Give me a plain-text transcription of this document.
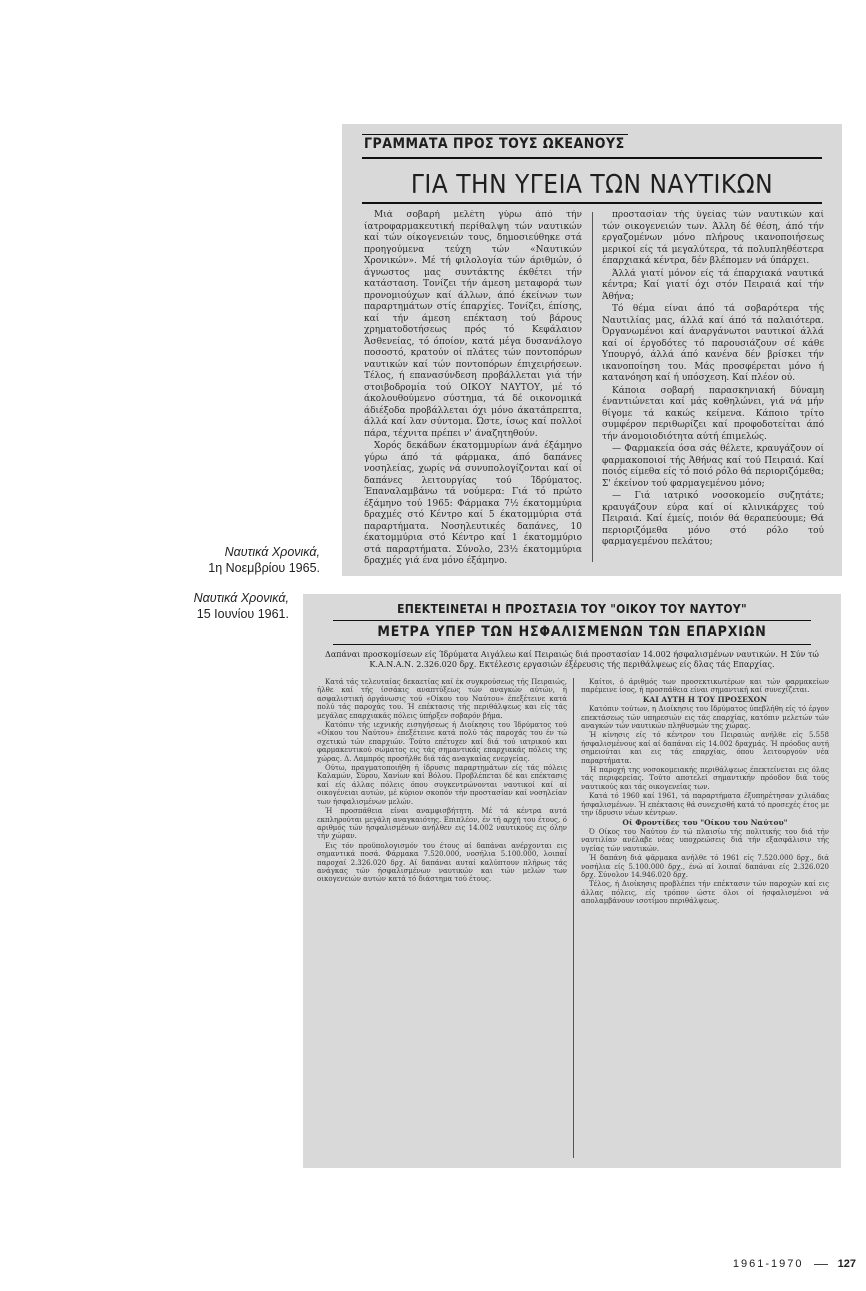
ΓΡΑΜΜΑΤΑ ΠΡΟΣ ΤΟΥΣ ΩΚΕΑΝΟΥΣ
ΓΙΑ ΤΗΝ ΥΓΕΙΑ ΤΩΝ ΝΑΥΤΙΚΩΝ

Μιά σοβαρή μελέτη γύρω άπό τήν ίατροφαρμακευτική περίθαλψη τών ναυτικών καί τών οίκογενειών τους, δημοσιεύθηκε στά προηγούμενα τεύχη τών «Ναυτικών Χρονικών». Μέ τή φιλολογία τών άριθμών, ό άγνωστος μας συντάκτης έκθέτει τήν κατάσταση. Τονίζει τήν άμεση μεταφορά των προνομιούχων καί άλλων, άπό έκείνων των παραρτημάτων στίς έπαρχίες. Τονίζει, έπίσης, καί τήν άμεση επέκταση τού βάρους χρηματοδοτήσεως πρός τό Κεφάλαιον Άσθενείας, τό όποίον, κατά μέγα δυσανάλογο ποσοστό, κρατούν οί πλάτες τών ποντοπόρων ναυτικών καί τών ποντοπόρων έπιχειρήσεων. Τέλος, ή επανασύνδεση προβάλλεται γιά τήν στοιβοδρομία τού ΟΙΚΟΥ ΝΑΥΤΟΥ, μέ τό άκολουθούμενο σύστημα, τά δέ οικονομικά άδιέξοδα προβάλλεται όχι μόνο άκατάπρεπτα, άλλά καί λαν σύντομα. Ώστε, ίσως καί πολλοί πάρα, τέχνιτα πρέπει ν' άναζητηθούν.

Χορός δεκάδων έκατομμυρίων άνά έξάμηνο γύρω άπό τά φάρμακα, άπό δαπάνες νοσηλείας, χωρίς νά συνυπολογίζονται καί οί δαπάνες λειτουργίας τού Ίδρύματος. Έπαναλαμβάνω τά νούμερα: Γιά τό πρώτο έξάμηνο τού 1965: Φάρμακα 7½ έκατομμύρια δραχμές στό Κέντρο καί 5 έκατομμύρια στά παραρτήματα. Νοσηλευτικές δαπάνες, 10 έκατομμύρια στό Κέντρο καί 1 έκατομμύριο στά παραρτήματα. Σύνολο, 23½ έκατομμύρια δραχμές γιά ένα μόνο έξάμηνο.

προστασίαν τής ύγείας τών ναυτικών καί τών οικογενειών των. Άλλη δέ θέση, άπό τήν εργαζομένων μόνο πλήρους ικανοποιήσεως μερικοί είς τά μεγαλύτερα, τά πολυπληθέστερα έπαρχιακά κέντρα, δέν βλέπομεν νά ύπάρχει.

Άλλά γιατί μόνον είς τά έπαρχιακά ναυτικά κέντρα; Καί γιατί όχι στόν Πειραιά καί τήν Άθήνα;

Τό θέμα είναι άπό τά σοβαρότερα τής Ναυτιλίας μας, άλλά καί άπό τά παλαιότερα. Όργανωμένοι καί άναργάνωτοι ναυτικοί άλλά καί οί έργοδότες τό παρουσιάζουν σέ κάθε Υπουργό, άλλά άπό κανένα δέν βρίσκει τήν ικανοποίηση του. Μάς προσφέρεται μόνο ή κατανόηση καί ή υπόσχεση. Καί πλέον ού.

Κάποια σοβαρή παρασκηνιακή δύναμη έναντιώνεται καί μάς κοθηλώνει, γιά νά μήν θίγομε τά κακώς κείμενα. Κάποιο τρίτο συμφέρον περιθωρίζει καί προφοδοτείται άπό τήν άνομοιοδιότητα αύτή έπιμελώς.

— Φαρμακεία όσα σάς θέλετε, κραυγάζουν οί φαρμακοποιοί τής Άθήνας καί τού Πειραιά. Καί ποιός είμεθα είς τό ποιό ρόλο θά περιοριζόμεθα; Σ' έκείνον τού φαρμαγεμένου μόνο;

— Γιά ιατρικό νοσοκομείο συζητάτε; κραυγάζουν εύρα καί οί κλινικάρχες τού Πειραιά. Καί έμείς, ποιόν θά θεραπεύουμε; Θά περιοριζόμεθα μόνο στό ρόλο τού φαρμαγεμένου πελάτου;

Ναυτικά Χρονικά,
1η Νοεμβρίου 1965.
Ναυτικά Χρονικά,
15 Ιουνίου 1961.	ΕΠΕΚΤΕΙΝΕΤΑΙ Η ΠΡΟΣΤΑΣΙΑ ΤΟΥ "ΟΙΚΟΥ ΤΟΥ ΝΑΥΤΟΥ"
ΜΕΤΡΑ ΥΠΕΡ ΤΩΝ ΗΣΦΑΛΙΣΜΕΝΩΝ ΤΩΝ ΕΠΑΡΧΙΩΝ
Δαπάναι προσκομίσεων είς Ίδρύματα Αιγάλεω καί Πειραιώς διά προστασίαν 14.002 ήσφαλισμένων ναυτικών. Η Σύν τώ Κ.Α.Ν.Α.Ν. 2.326.020 δρχ. Εκτέλεσις εργασιών έξέρευσις τής περιθάλψεως είς δλας τάς Επαρχίας.

Κατά τάς τελευταίας δεκαετίας καί έκ συγκρούσεως τής Πειραιώς, ήλθε καί τής ίσσάκις αναπτύξεως τών αναγκών αύτών, ή ασφαλιστική όργάνωσις τού «Οίκου του Ναύτου» έπεξέτεινε κατά πολύ τάς παροχάς του. Ή επέκτασις τής περιθάλψεως και είς τάς μεγάλας επαρχιακάς πόλεις ύπήρξεν σοβαρόν βήμα.

Κατόπιν τής ιεχνικής εισηγήσεως ή Διοίκησις του Ίδρύματος τού «Οίκου του Ναύτου» έπεξέτεινε κατά πολύ τάς παροχάς του έν τώ σχετικώ τών επαρχιών. Τούτο επέτυχεν καί διά τού ιατρικού και φαρμακευτικού σώματος εις τάς σημαντικάς επαρχιακάς πόλεις της χώρας. Δ. Λαμπρός προσήλθε διά τάς αναγκαίας ενεργείας.

Ούτω, πραγματοποιήθη ή ίδρυσις παραρτημάτων είς τάς πόλεις Καλαμών, Σύρου, Χανίων καί Βόλου. Προβλέπεται δέ και επέκτασις καί είς άλλας πόλεις όπου συγκεντρώνονται ναυτικοί καί αί οικογένειαι αυτών, μέ κύριον σκοπόν τήν προστασίαν καί νοσηλείαν των ήσφαλισμένων μελών.

Ή προσπάθεια είναι αναμφισβήτητη. Μέ τά κέντρα αυτά εκπληρούται μεγάλη αναγκαιότης. Επιπλέον, έν τή αρχή του έτους, ό αριθμός τών ήσφαλισμένων ανήλθεν εις 14.002 ναυτικούς εις όλην τήν χώραν.

Εις τόν προϋπολογισμόν του έτους αί δαπάναι ανέρχονται εις σημαντικά ποσά. Φάρμακα 7.520.000, νοσήλια 5.100.000, λοιπαί παροχαί 2.326.020 δρχ. Αί δαπάναι αυταί καλύπτουν πλήρως τάς ανάγκας τών ήσφαλισμένων ναυτικών και τών μελών των οικογενειών αυτών κατά τό διάστημα τού έτους.

Καίτοι, ό άριθμός των προσεκτικωτέρων και τών φαρμακείων παρέμεινε ίσος, ή προσπάθεια είναι σημαντική καί συνεχίζεται.

ΚΑΙ ΑΥΤΗ Η ΤΟΥ ΠΡΟΣΕΧΟΝ

Κατόπιν τούτων, η Διοίκησις του Ιδρύματος ύπεβλήθη είς τό έργον επεκτάσεως τών υπηρεσιών εις τάς επαρχίας, κατόπιν μελετών τών αναγκών τών ναυτικών πληθυσμών της χώρας.

Ή κίνησις είς τό κέντρον του Πειραιώς ανήλθε είς 5.558 ήσφαλισμένους καί αί δαπάναι είς 14.002 δραχμάς. Ή πρόοδος αυτή σημειούται και εις τάς επαρχίας, όπου λειτουργούν νέα παραρτήματα.

Ή παροχή της νοσοκομειακής περιθάλψεως έπεκτείνεται εις όλας τάς περιφερείας. Τούτο αποτελεί σημαντικήν πρόοδον διά τούς ναυτικούς και τάς οικογενείας των.

Κατά τό 1960 καί 1961, τά παραρτήματα έξυπηρέτησαν χιλιάδας ήσφαλισμένων. Ή επέκτασις θά συνεχισθή κατά τό προσεχές έτος με την ίδρυσιν νέων κέντρων.

Οί Φροντίδες του "Οίκου του Ναύτου"

Ό Οίκος του Ναύτου έν τώ πλαισίω τής πολιτικής του διά τήν ναυτιλίαν ανέλαβε νέας υποχρεώσεις διά τήν εξασφάλισιν τής υγείας τών ναυτικών.

Ή δαπάνη διά φάρμακα ανήλθε τό 1961 είς 7.520.000 δρχ., διά νοσήλια είς 5.100.000 δρχ., ένώ αί λοιπαί δαπάναι είς 2.326.020 δρχ. Σύνολον 14.946.020 δρχ.

Τέλος, ή Διοίκησις προβλέπει τήν επέκτασιν τών παροχών καί εις άλλας πόλεις, είς τρόπον ώστε όλοι οί ήσφαλισμένοι νά απολαμβάνουν ισοτίμου περιθάλψεως.

1961-1970	127
